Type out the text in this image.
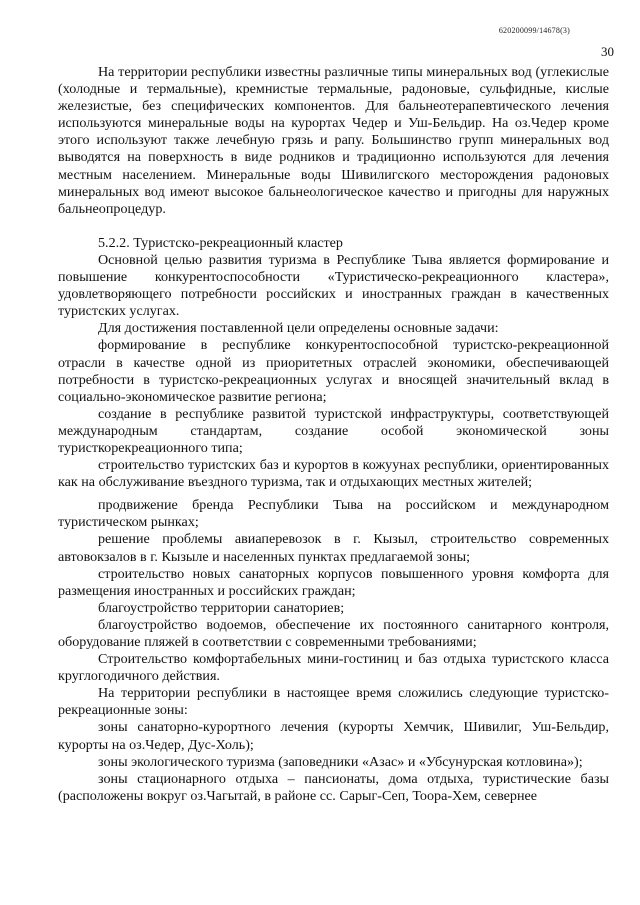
620200099/14678(3)
30

На территории республики известны различные типы минеральных вод (углекислые (холодные и термальные), кремнистые термальные, радоновые, сульфидные, кислые железистые, без специфических компонентов. Для бальнеотерапевтического лечения используются минеральные воды на курортах Чедер и Уш-Бельдир. На оз.Чедер кроме этого используют также лечебную грязь и рапу. Большинство групп минеральных вод выводятся на поверхность в виде родников и традиционно используются для лечения местным населением. Минеральные воды Шивилигского месторождения радоновых минеральных вод имеют высокое бальнеологическое качество и пригодны для наружных бальнеопроцедур.

5.2.2. Туристско-рекреационный кластер

Основной целью развития туризма в Республике Тыва является формирование и повышение конкурентоспособности «Туристическо-рекреационного кластера», удовлетворяющего потребности российских и иностранных граждан в качественных туристских услугах.

Для достижения поставленной цели определены основные задачи:

формирование в республике конкурентоспособной туристско-рекреационной отрасли в качестве одной из приоритетных отраслей экономики, обеспечивающей потребности в туристско-рекреационных услугах и вносящей значительный вклад в социально-экономическое развитие региона;

создание в республике развитой туристской инфраструктуры, соответствующей международным стандартам, создание особой экономической зоны туристкорекреационного типа;

строительство туристских баз и курортов в кожуунах республики, ориентированных как на обслуживание въездного туризма, так и отдыхающих местных жителей;

продвижение бренда Республики Тыва на российском и международном туристическом рынках;

решение проблемы авиаперевозок в г. Кызыл, строительство современных автовокзалов в г. Кызыле и населенных пунктах предлагаемой зоны;

строительство новых санаторных корпусов повышенного уровня комфорта для размещения иностранных и российских граждан;

благоустройство территории санаториев;

благоустройство водоемов, обеспечение их постоянного санитарного контроля, оборудование пляжей в соответствии с современными требованиями;

Строительство комфортабельных мини-гостиниц и баз отдыха туристского класса круглогодичного действия.

На территории республики в настоящее время сложились следующие туристско-рекреационные зоны:

зоны санаторно-курортного лечения (курорты Хемчик, Шивилиг, Уш-Бельдир, курорты на оз.Чедер, Дус-Холь);

зоны экологического туризма (заповедники «Азас» и «Убсунурская котловина»);

зоны стационарного отдыха – пансионаты, дома отдыха, туристические базы (расположены вокруг оз.Чагытай, в районе сс. Сарыг-Сеп, Тоора-Хем, севернее
